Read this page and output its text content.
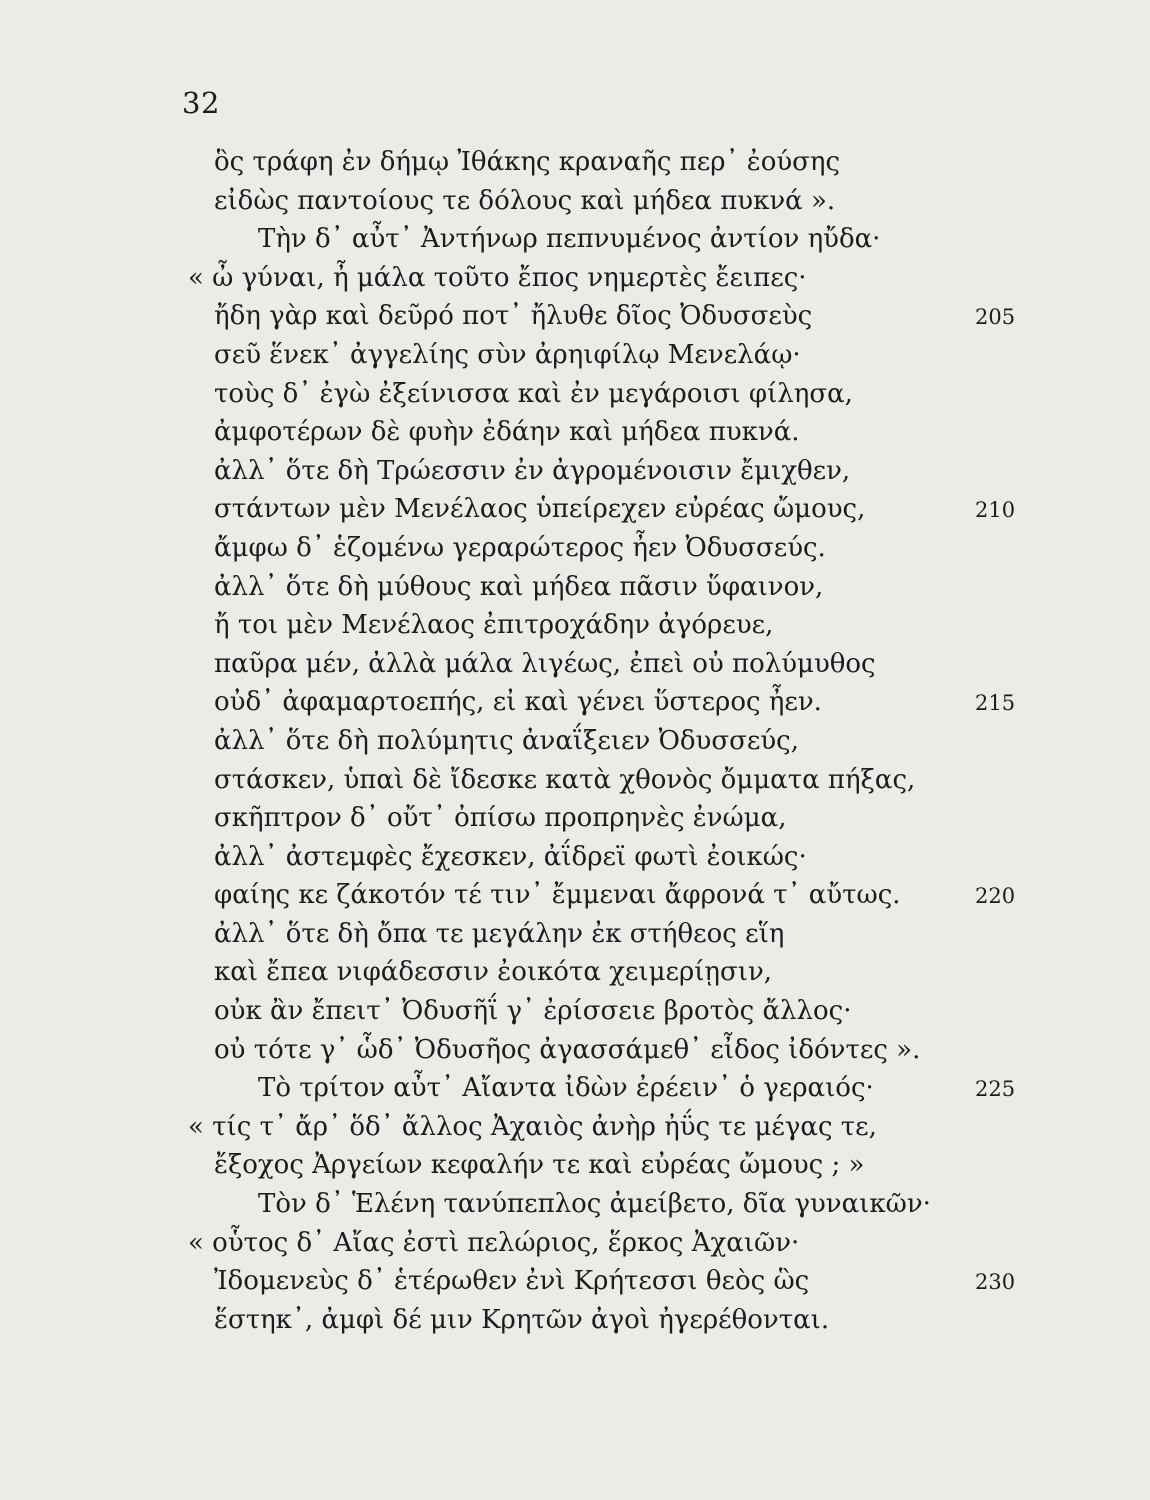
32
ὃς τράφη ἐν δήμῳ Ἰθάκης κραναῆς περ᾽ ἐούσης
εἰδὼς παντοίους τε δόλους καὶ μήδεα πυκνά ».
Τὴν δ᾽ αὖτ᾽ Ἀντήνωρ πεπνυμένος ἀντίον ηὔδα·
« ὦ γύναι, ἦ μάλα τοῦτο ἔπος νημερτὲς ἔειπες·
ἤδη γὰρ καὶ δεῦρό ποτ᾽ ἤλυθε δῖος Ὀδυσσεὺς	205
σεῦ ἕνεκ᾽ ἀγγελίης σὺν ἀρηιφίλῳ Μενελάῳ·
τοὺς δ᾽ ἐγὼ ἐξείνισσα καὶ ἐν μεγάροισι φίλησα,
ἀμφοτέρων δὲ φυὴν ἐδάην καὶ μήδεα πυκνά.
ἀλλ᾽ ὅτε δὴ Τρώεσσιν ἐν ἀγρομένοισιν ἔμιχθεν,
στάντων μὲν Μενέλαος ὑπείρεχεν εὐρέας ὤμους,	210
ἄμφω δ᾽ ἑζομένω γεραρώτερος ἦεν Ὀδυσσεύς.
ἀλλ᾽ ὅτε δὴ μύθους καὶ μήδεα πᾶσιν ὕφαινον,
ἤ τοι μὲν Μενέλαος ἐπιτροχάδην ἀγόρευε,
παῦρα μέν, ἀλλὰ μάλα λιγέως, ἐπεὶ οὐ πολύμυθος
οὐδ᾽ ἀφαμαρτοεπής, εἰ καὶ γένει ὕστερος ἦεν.	215
ἀλλ᾽ ὅτε δὴ πολύμητις ἀναΐξειεν Ὀδυσσεύς,
στάσκεν, ὑπαὶ δὲ ἴδεσκε κατὰ χθονὸς ὄμματα πήξας,
σκῆπτρον δ᾽ οὔτ᾽ ὀπίσω προπρηνὲς ἐνώμα,
ἀλλ᾽ ἀστεμφὲς ἔχεσκεν, ἀΐδρεϊ φωτὶ ἐοικώς·
φαίης κε ζάκοτόν τέ τιν᾽ ἔμμεναι ἄφρονά τ᾽ αὔτως.	220
ἀλλ᾽ ὅτε δὴ ὄπα τε μεγάλην ἐκ στήθεος εἵη
καὶ ἔπεα νιφάδεσσιν ἐοικότα χειμερίῃσιν,
οὐκ ἂν ἔπειτ᾽ Ὀδυσῆΐ γ᾽ ἐρίσσειε βροτὸς ἄλλος·
οὐ τότε γ᾽ ὧδ᾽ Ὀδυσῆος ἀγασσάμεθ᾽ εἶδος ἰδόντες ».
Τὸ τρίτον αὖτ᾽ Αἴαντα ἰδὼν ἐρέειν᾽ ὁ γεραιός·	225
« τίς τ᾽ ἄρ᾽ ὅδ᾽ ἄλλος Ἀχαιὸς ἀνὴρ ἠΰς τε μέγας τε,
ἔξοχος Ἀργείων κεφαλήν τε καὶ εὐρέας ὤμους ; »
Τὸν δ᾽ Ἑλένη τανύπεπλος ἀμείβετο, δῖα γυναικῶν·
« οὗτος δ᾽ Αἴας ἐστὶ πελώριος, ἕρκος Ἀχαιῶν·
Ἰδομενεὺς δ᾽ ἑτέρωθεν ἐνὶ Κρήτεσσι θεὸς ὣς	230
ἕστηκ᾽, ἀμφὶ δέ μιν Κρητῶν ἀγοὶ ἠγερέθονται.
